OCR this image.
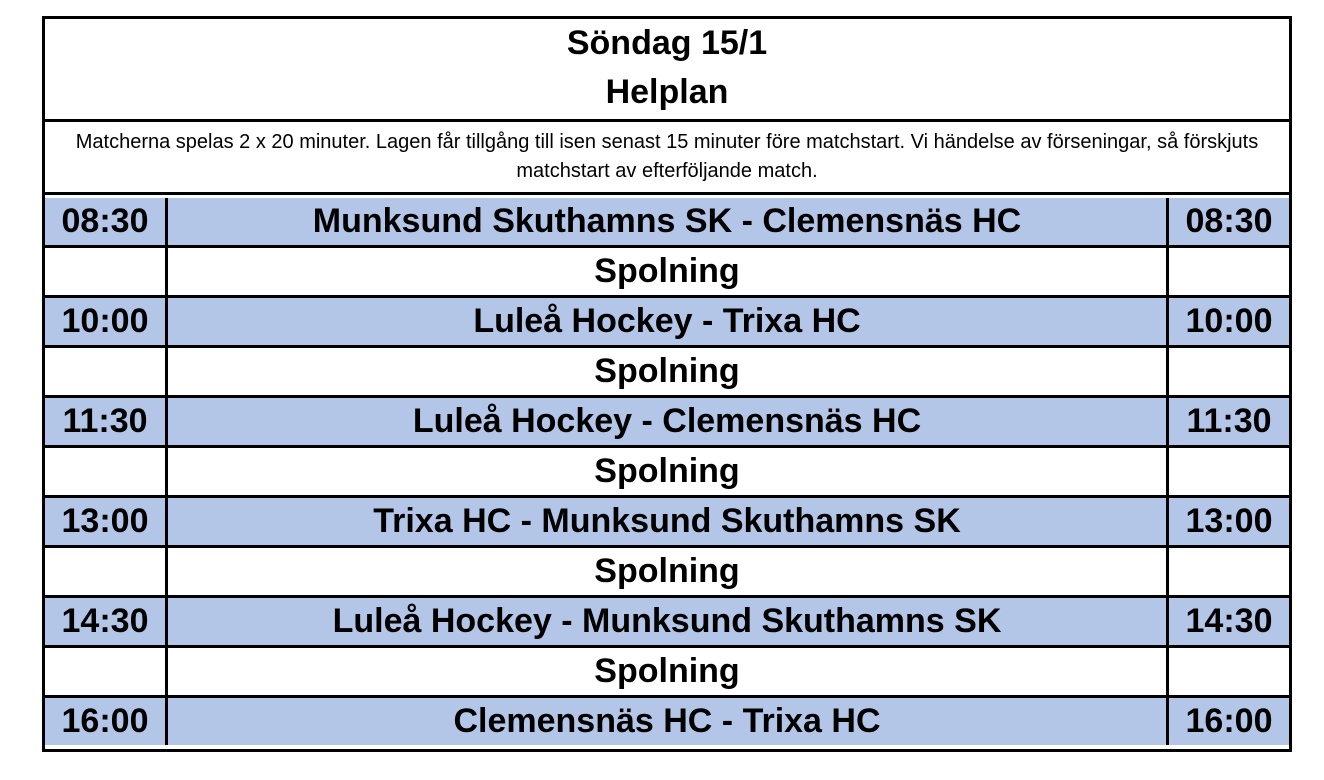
Söndag 15/1
Helplan
Matcherna spelas 2 x 20 minuter. Lagen får tillgång till isen senast 15 minuter före matchstart. Vi händelse av förseningar, så förskjuts matchstart av efterföljande match.
08:30	Munksund Skuthamns SK - Clemensnäs HC	08:30
Spolning
10:00	Luleå Hockey - Trixa HC	10:00
Spolning
11:30	Luleå Hockey - Clemensnäs HC	11:30
Spolning
13:00	Trixa HC - Munksund Skuthamns SK	13:00
Spolning
14:30	Luleå Hockey - Munksund Skuthamns SK	14:30
Spolning
16:00	Clemensnäs HC - Trixa HC	16:00
